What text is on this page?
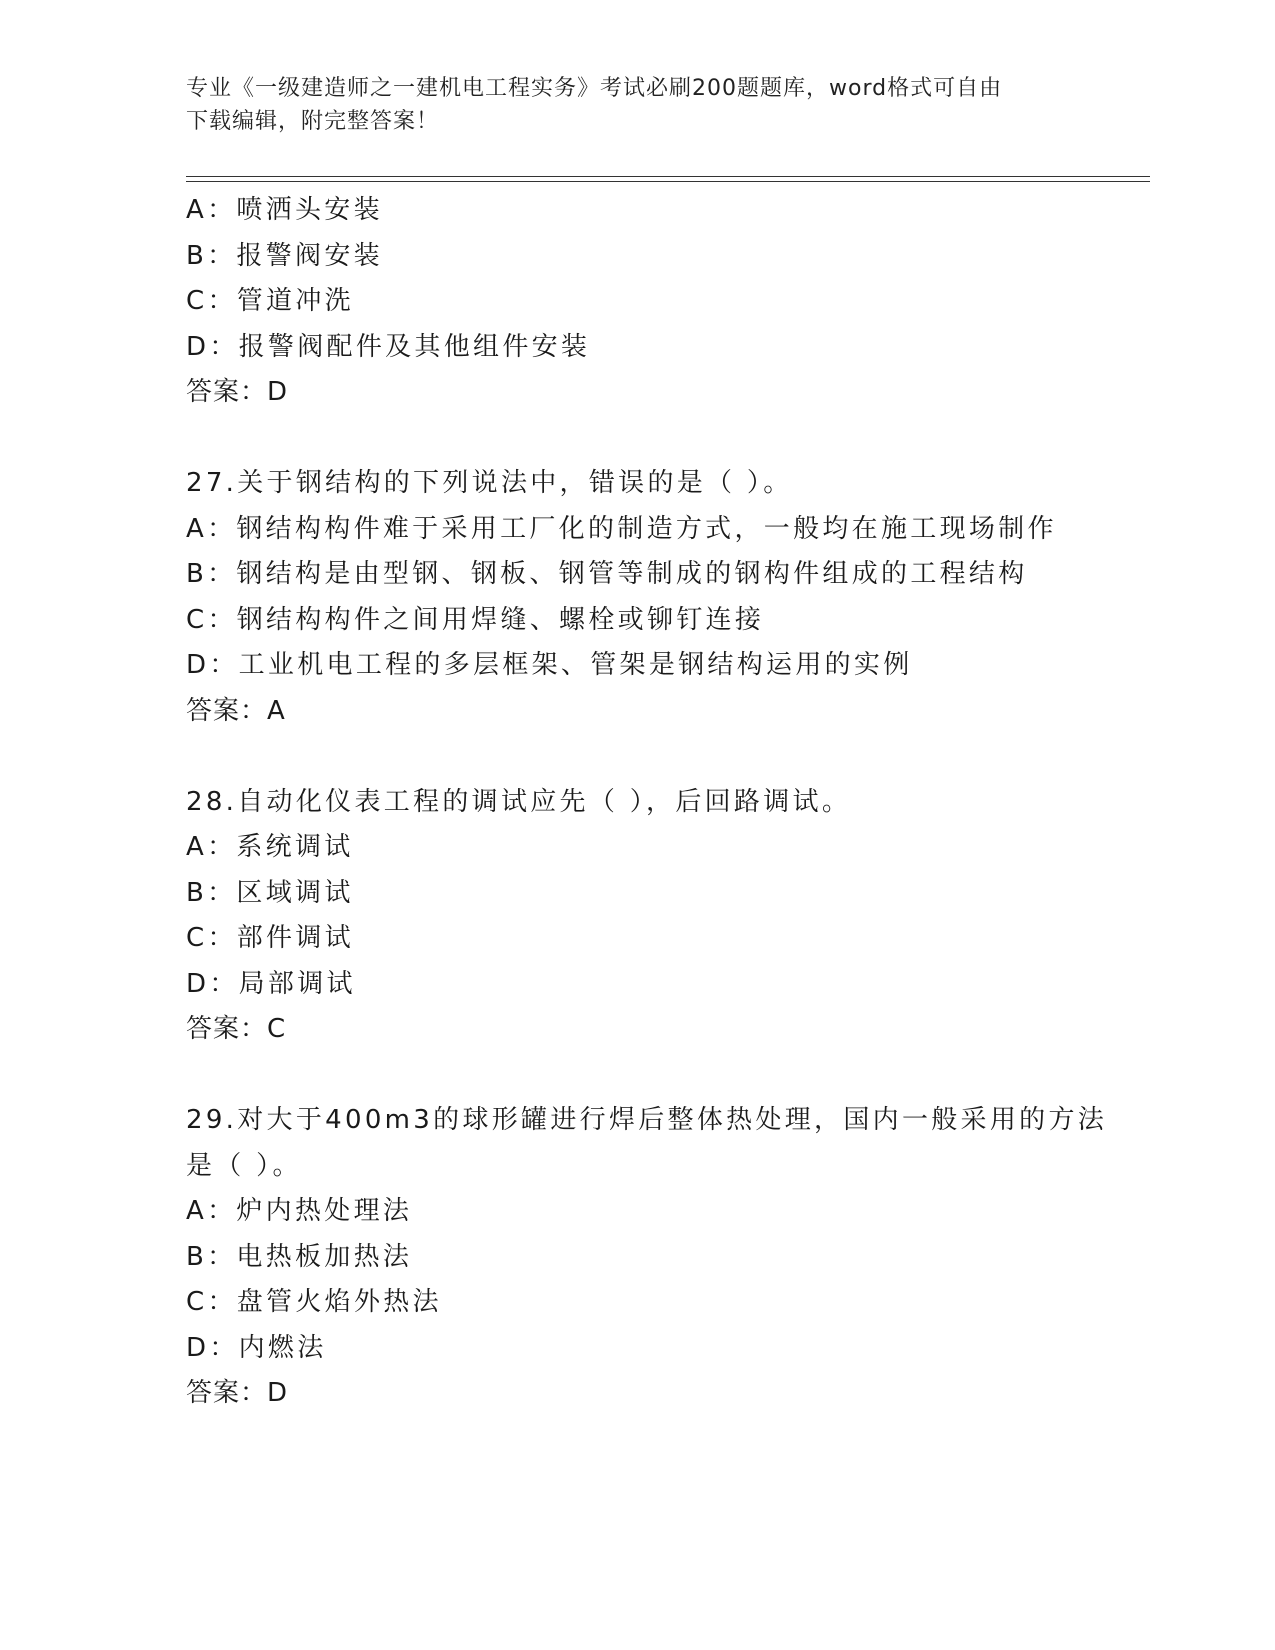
专业《一级建造师之一建机电工程实务》考试必刷200题题库，word格式可自由
下载编辑，附完整答案！
A：喷洒头安装
B：报警阀安装
C：管道冲洗
D：报警阀配件及其他组件安装
答案：D
27.关于钢结构的下列说法中，错误的是（ ）。
A：钢结构构件难于采用工厂化的制造方式，一般均在施工现场制作
B：钢结构是由型钢、钢板、钢管等制成的钢构件组成的工程结构
C：钢结构构件之间用焊缝、螺栓或铆钉连接
D：工业机电工程的多层框架、管架是钢结构运用的实例
答案：A
28.自动化仪表工程的调试应先（ ），后回路调试。
A：系统调试
B：区域调试
C：部件调试
D：局部调试
答案：C
29.对大于400m3的球形罐进行焊后整体热处理，国内一般采用的方法
是（ ）。
A：炉内热处理法
B：电热板加热法
C：盘管火焰外热法
D：内燃法
答案：D
